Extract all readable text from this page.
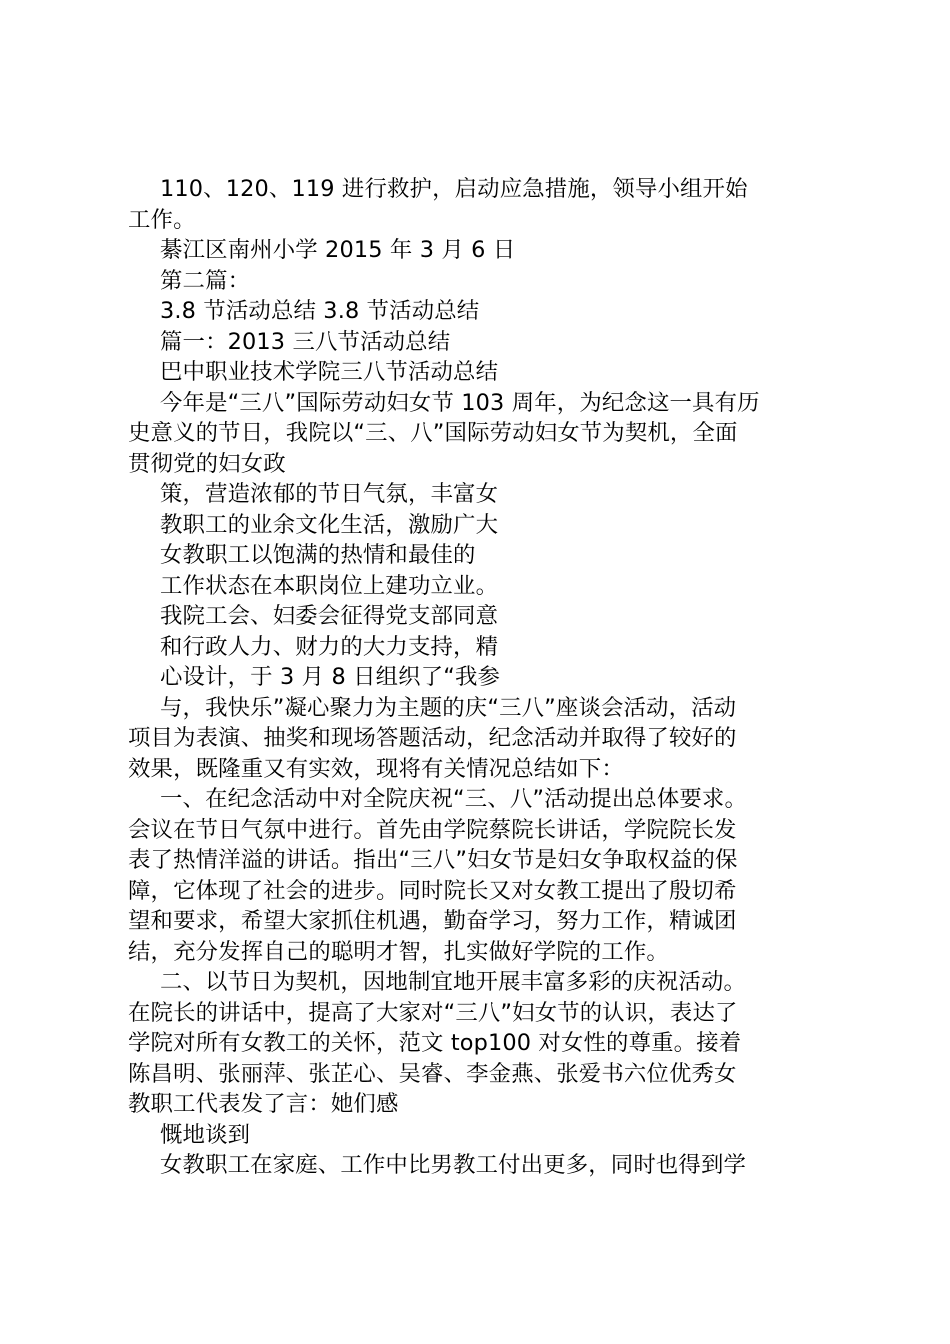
110、120、119 进行救护，启动应急措施，领导小组开始
工作。
綦江区南州小学 2015 年 3 月 6 日
第二篇：
3.8 节活动总结 3.8 节活动总结
篇一：2013 三八节活动总结
巴中职业技术学院三八节活动总结
今年是“三八”国际劳动妇女节 103 周年，为纪念这一具有历
史意义的节日，我院以“三、八”国际劳动妇女节为契机，全面
贯彻党的妇女政
策，营造浓郁的节日气氛，丰富女
教职工的业余文化生活，激励广大
女教职工以饱满的热情和最佳的
工作状态在本职岗位上建功立业。
我院工会、妇委会征得党支部同意
和行政人力、财力的大力支持，精
心设计，于 3 月 8 日组织了“我参
与，我快乐”凝心聚力为主题的庆“三八”座谈会活动，活动
项目为表演、抽奖和现场答题活动，纪念活动并取得了较好的
效果，既隆重又有实效，现将有关情况总结如下：
一、在纪念活动中对全院庆祝“三、八”活动提出总体要求。
会议在节日气氛中进行。首先由学院蔡院长讲话，学院院长发
表了热情洋溢的讲话。指出“三八”妇女节是妇女争取权益的保
障，它体现了社会的进步。同时院长又对女教工提出了殷切希
望和要求，希望大家抓住机遇，勤奋学习，努力工作，精诚团
结，充分发挥自己的聪明才智，扎实做好学院的工作。
二、以节日为契机，因地制宜地开展丰富多彩的庆祝活动。
在院长的讲话中，提高了大家对“三八”妇女节的认识，表达了
学院对所有女教工的关怀，范文 top100 对女性的尊重。接着
陈昌明、张丽萍、张芷心、吴睿、李金燕、张爱书六位优秀女
教职工代表发了言：她们感
慨地谈到
女教职工在家庭、工作中比男教工付出更多，同时也得到学
